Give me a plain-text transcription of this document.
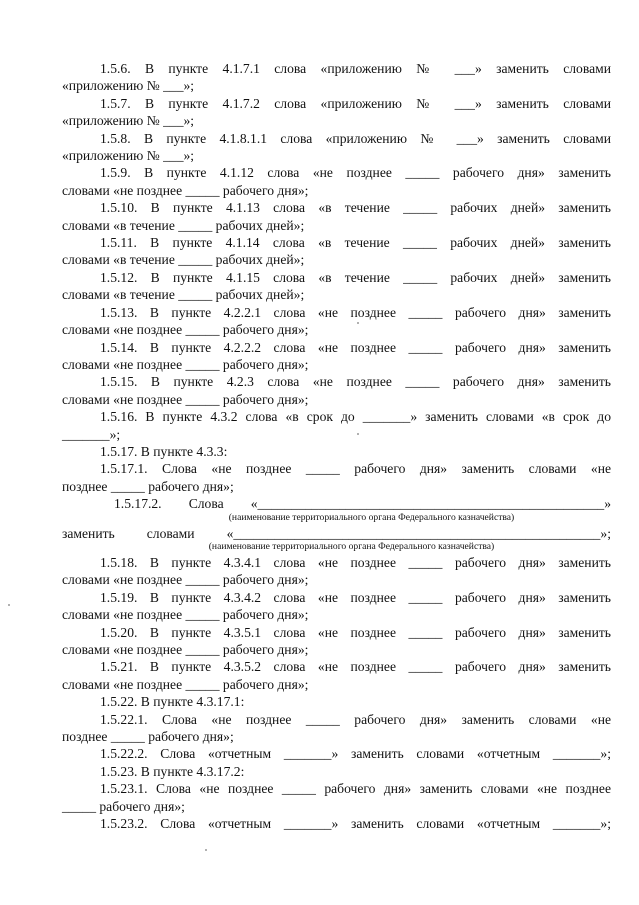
1.5.6. В пункте 4.1.7.1 слова «приложению № ___» заменить словами
«приложению № ___»;
1.5.7. В пункте 4.1.7.2 слова «приложению № ___» заменить словами
«приложению № ___»;
1.5.8. В пункте 4.1.8.1.1 слова «приложению № ___» заменить словами
«приложению № ___»;
1.5.9. В пункте 4.1.12 слова «не позднее _____ рабочего дня» заменить
словами «не позднее _____ рабочего дня»;
1.5.10. В пункте 4.1.13 слова «в течение _____ рабочих дней» заменить
словами «в течение _____ рабочих дней»;
1.5.11. В пункте 4.1.14 слова «в течение _____ рабочих дней» заменить
словами «в течение _____ рабочих дней»;
1.5.12. В пункте 4.1.15 слова «в течение _____ рабочих дней» заменить
словами «в течение _____ рабочих дней»;
1.5.13. В пункте 4.2.2.1 слова «не позднее _____ рабочего дня» заменить
словами «не позднее _____ рабочего дня»;
1.5.14. В пункте 4.2.2.2 слова «не позднее _____ рабочего дня» заменить
словами «не позднее _____ рабочего дня»;
1.5.15. В пункте 4.2.3 слова «не позднее _____ рабочего дня» заменить
словами «не позднее _____ рабочего дня»;
1.5.16. В пункте 4.3.2 слова «в срок до _______» заменить словами «в срок до
_______»;
1.5.17. В пункте 4.3.3:
1.5.17.1. Слова «не позднее _____ рабочего дня» заменить словами «не
позднее _____ рабочего дня»;
1.5.17.2. Слова «___________________________________________________»
(наименование территориального органа Федерального казначейства)
заменить словами «______________________________________________________»;
(наименование территориального органа Федерального казначейства)
1.5.18. В пункте 4.3.4.1 слова «не позднее _____ рабочего дня» заменить
словами «не позднее _____ рабочего дня»;
1.5.19. В пункте 4.3.4.2 слова «не позднее _____ рабочего дня» заменить
словами «не позднее _____ рабочего дня»;
1.5.20. В пункте 4.3.5.1 слова «не позднее _____ рабочего дня» заменить
словами «не позднее _____ рабочего дня»;
1.5.21. В пункте 4.3.5.2 слова «не позднее _____ рабочего дня» заменить
словами «не позднее _____ рабочего дня»;
1.5.22. В пункте 4.3.17.1:
1.5.22.1. Слова «не позднее _____ рабочего дня» заменить словами «не
позднее _____ рабочего дня»;
1.5.22.2. Слова «отчетным _______» заменить словами «отчетным _______»;
1.5.23. В пункте 4.3.17.2:
1.5.23.1. Слова «не позднее _____ рабочего дня» заменить словами «не позднее
_____ рабочего дня»;
1.5.23.2. Слова «отчетным _______» заменить словами «отчетным _______»;
